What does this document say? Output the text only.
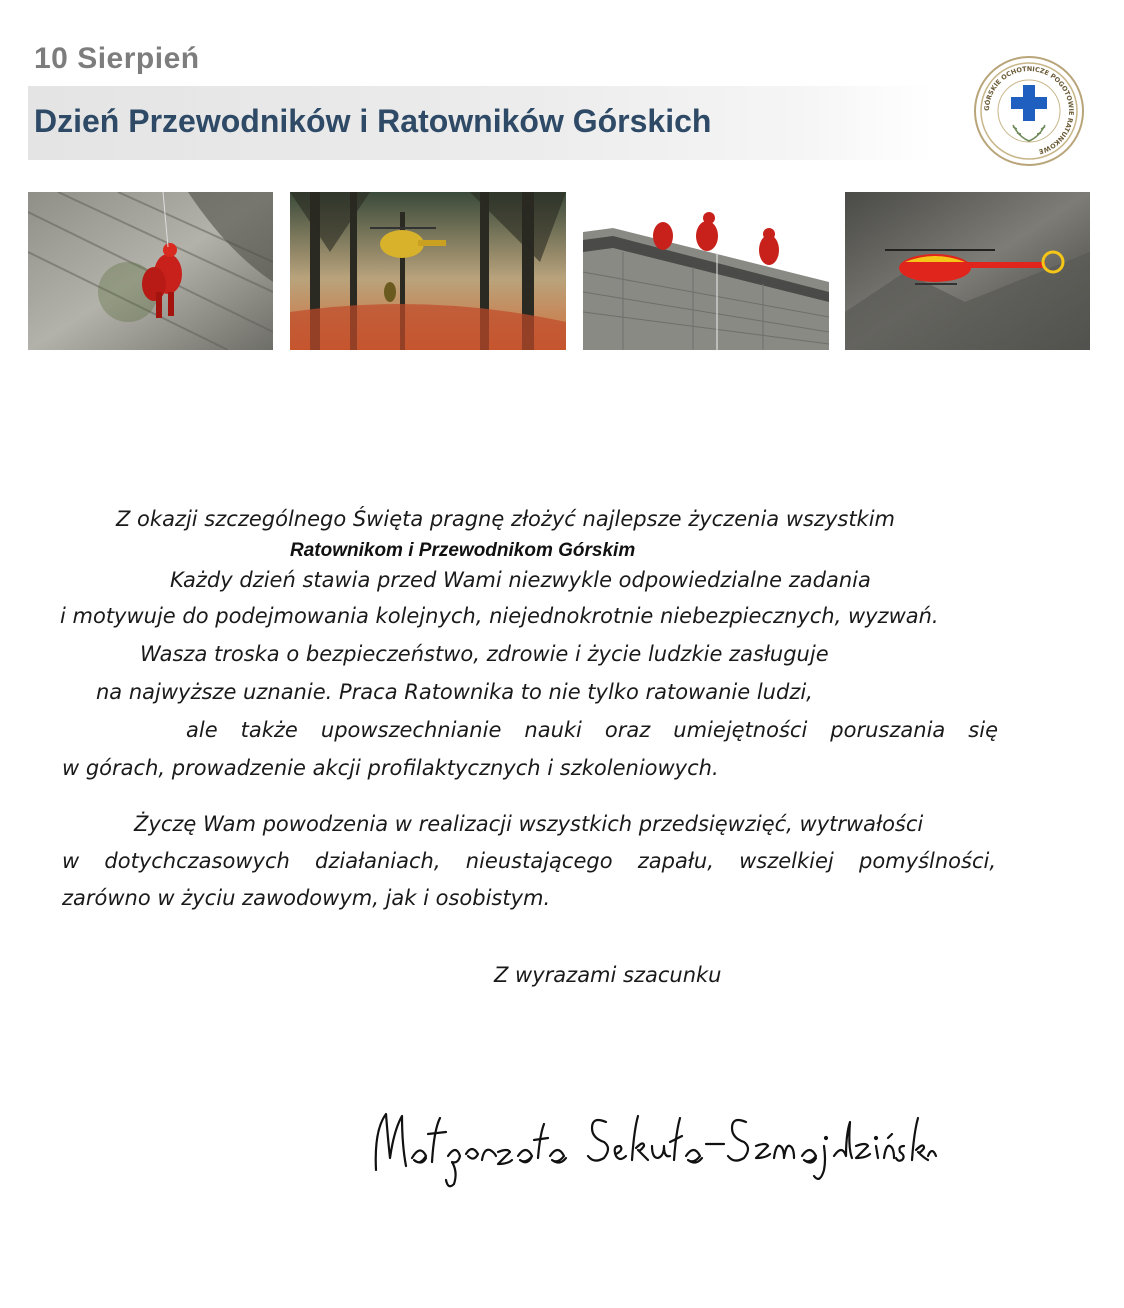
10 Sierpień
Dzień Przewodników i Ratowników Górskich	GÓRSKIE OCHOTNICZE POGOTOWIE RATUNKOWE
Z okazji szczególnego Święta pragnę złożyć najlepsze życzenia wszystkim
Ratownikom i Przewodnikom Górskim
Każdy dzień stawia przed Wami niezwykle odpowiedzialne zadania
i motywuje do podejmowania kolejnych, niejednokrotnie niebezpiecznych, wyzwań.
Wasza troska o bezpieczeństwo, zdrowie i życie ludzkie zasługuje
na najwyższe uznanie. Praca Ratownika to nie tylko ratowanie ludzi,
ale także upowszechnianie nauki oraz umiejętności poruszania się
w górach, prowadzenie akcji profilaktycznych i szkoleniowych.
Życzę Wam powodzenia w realizacji wszystkich przedsięwzięć, wytrwałości
w dotychczasowych działaniach, nieustającego zapału, wszelkiej pomyślności,
zarówno w życiu zawodowym, jak i osobistym.
Z wyrazami szacunku
